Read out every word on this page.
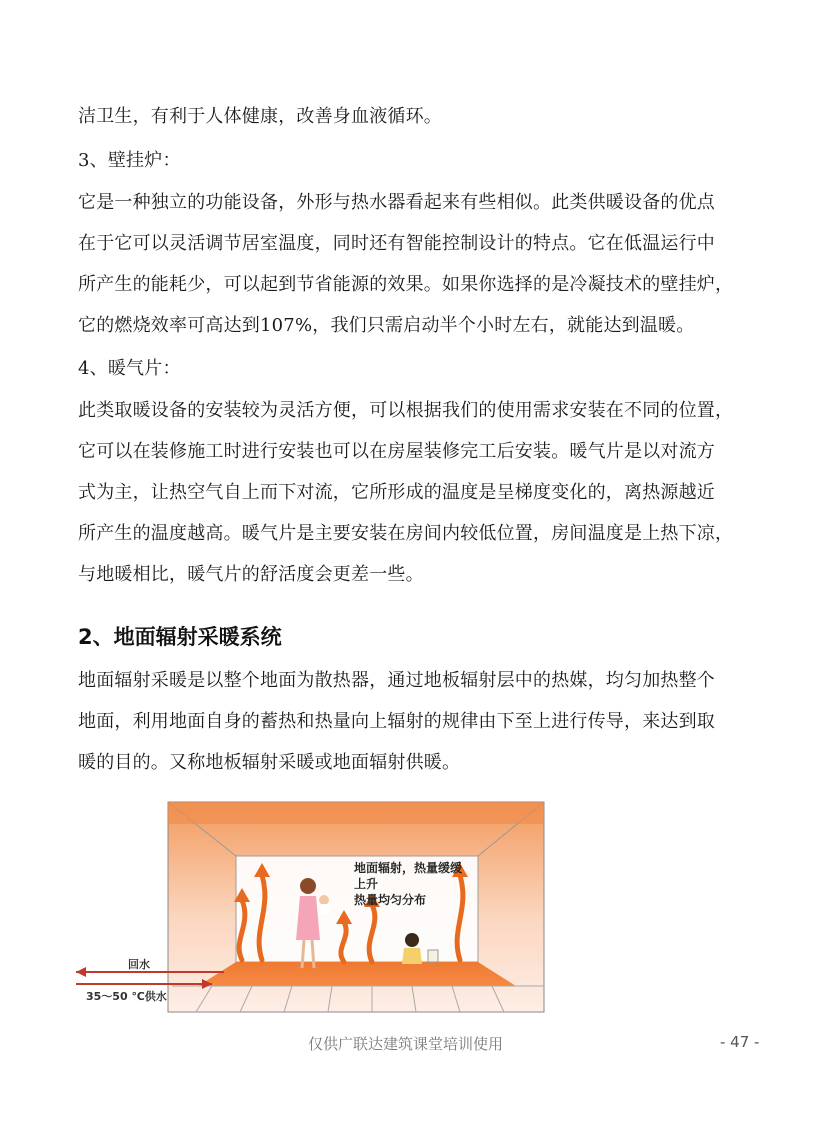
洁卫生，有利于人体健康，改善身血液循环。
3、壁挂炉：
它是一种独立的功能设备，外形与热水器看起来有些相似。此类供暖设备的优点
在于它可以灵活调节居室温度，同时还有智能控制设计的特点。它在低温运行中
所产生的能耗少，可以起到节省能源的效果。如果你选择的是冷凝技术的壁挂炉，
它的燃烧效率可高达到107%，我们只需启动半个小时左右，就能达到温暖。
4、暖气片：
此类取暖设备的安装较为灵活方便，可以根据我们的使用需求安装在不同的位置，
它可以在装修施工时进行安装也可以在房屋装修完工后安装。暖气片是以对流方
式为主，让热空气自上而下对流，它所形成的温度是呈梯度变化的，离热源越近
所产生的温度越高。暖气片是主要安装在房间内较低位置，房间温度是上热下凉，
与地暖相比，暖气片的舒活度会更差一些。
2、地面辐射采暖系统
地面辐射采暖是以整个地面为散热器，通过地板辐射层中的热媒，均匀加热整个
地面，利用地面自身的蓄热和热量向上辐射的规律由下至上进行传导，来达到取
暖的目的。又称地板辐射采暖或地面辐射供暖。
地面辐射，热量缓缓
上升
热量均匀分布
回水
35～50 ℃供水
仅供广联达建筑课堂培训使用	- 47 -
